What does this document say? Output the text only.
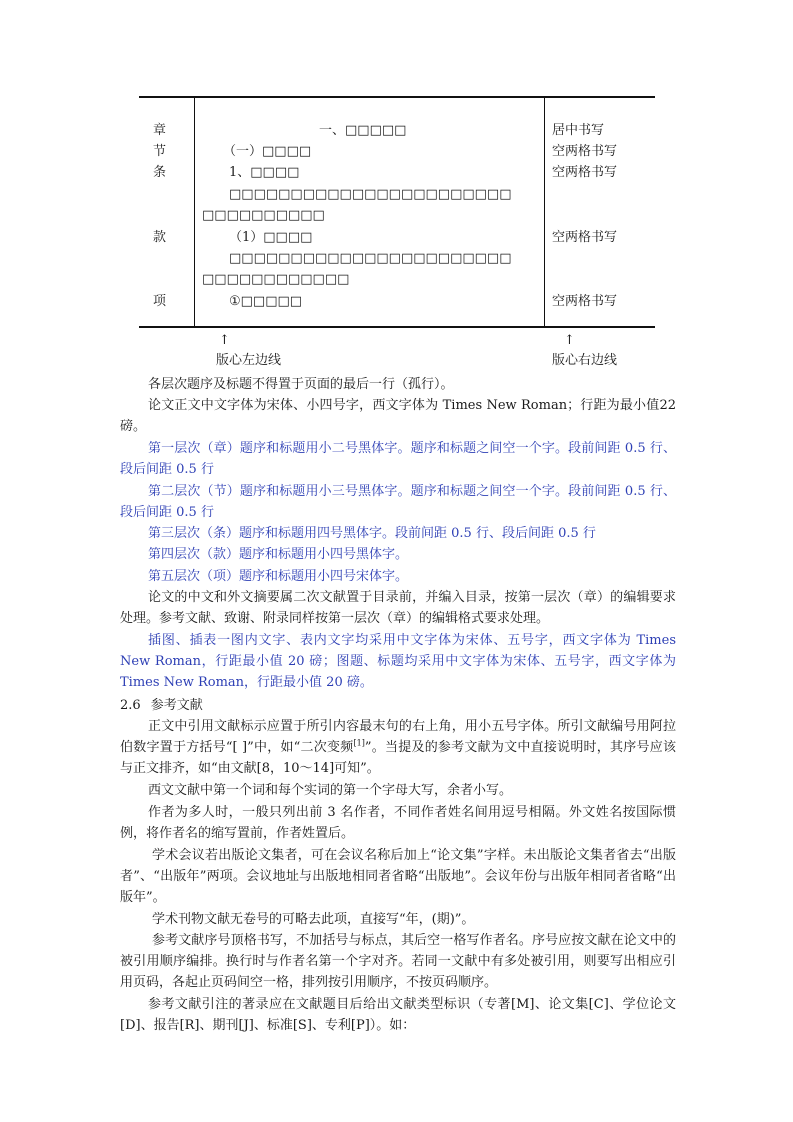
章	一、□□□□□	居中书写
节	（一）□□□□	空两格书写
条	1、□□□□	空两格书写
□□□□□□□□□□□□□□□□□□□□□□□
□□□□□□□□□□
款	（1）□□□□	空两格书写
□□□□□□□□□□□□□□□□□□□□□□□
□□□□□□□□□□□□
项	①□□□□□	空两格书写
↑	↑
版心左边线	版心右边线

各层次题序及标题不得置于页面的最后一行（孤行）。

论文正文中文字体为宋体、小四号字，西文字体为 Times New Roman；行距为最小值22 磅。

第一层次（章）题序和标题用小二号黑体字。题序和标题之间空一个字。段前间距 0.5 行、段后间距 0.5 行

第二层次（节）题序和标题用小三号黑体字。题序和标题之间空一个字。段前间距 0.5 行、段后间距 0.5 行

第三层次（条）题序和标题用四号黑体字。段前间距 0.5 行、段后间距 0.5 行

第四层次（款）题序和标题用小四号黑体字。

第五层次（项）题序和标题用小四号宋体字。

论文的中文和外文摘要属二次文献置于目录前，并编入目录，按第一层次（章）的编辑要求处理。参考文献、致谢、附录同样按第一层次（章）的编辑格式要求处理。

插图、插表一图内文字、表内文字均采用中文字体为宋体、五号字，西文字体为 Times New Roman，行距最小值 20 磅；图题、标题均采用中文字体为宋体、五号字，西文字体为 Times New Roman，行距最小值 20 磅。

2.6 参考文献

正文中引用文献标示应置于所引内容最末句的右上角，用小五号字体。所引文献编号用阿拉伯数字置于方括号“[ ]”中，如“二次变频[1]”。当提及的参考文献为文中直接说明时，其序号应该与正文排齐，如“由文献[8，10～14]可知”。

西文文献中第一个词和每个实词的第一个字母大写，余者小写。

作者为多人时，一般只列出前 3 名作者，不同作者姓名间用逗号相隔。外文姓名按国际惯例，将作者名的缩写置前，作者姓置后。

学术会议若出版论文集者，可在会议名称后加上“论文集”字样。未出版论文集者省去“出版者”、“出版年”两项。会议地址与出版地相同者省略“出版地”。会议年份与出版年相同者省略“出版年”。

学术刊物文献无卷号的可略去此项，直接写“年，(期)”。

参考文献序号顶格书写，不加括号与标点，其后空一格写作者名。序号应按文献在论文中的被引用顺序编排。换行时与作者名第一个字对齐。若同一文献中有多处被引用，则要写出相应引用页码，各起止页码间空一格，排列按引用顺序，不按页码顺序。

参考文献引注的著录应在文献题目后给出文献类型标识（专著[M]、论文集[C]、学位论文[D]、报告[R]、期刊[J]、标准[S]、专利[P]）。如：
